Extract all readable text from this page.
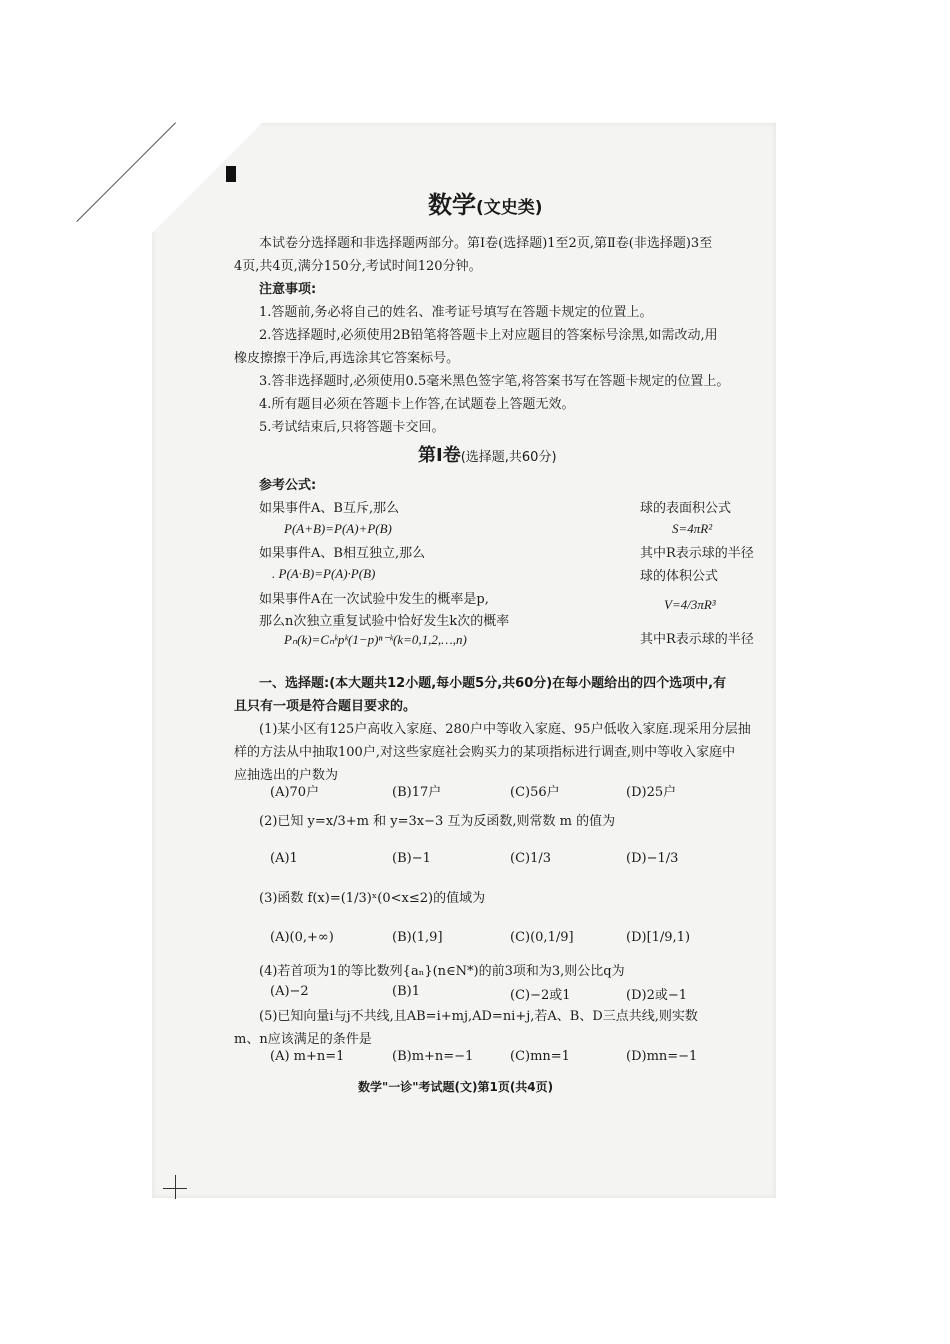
数学(文史类)
本试卷分选择题和非选择题两部分。第Ⅰ卷(选择题)1至2页,第Ⅱ卷(非选择题)3至
4页,共4页,满分150分,考试时间120分钟。
注意事项:
1.答题前,务必将自己的姓名、准考证号填写在答题卡规定的位置上。
2.答选择题时,必须使用2B铅笔将答题卡上对应题目的答案标号涂黑,如需改动,用
橡皮擦擦干净后,再选涂其它答案标号。
3.答非选择题时,必须使用0.5毫米黑色签字笔,将答案书写在答题卡规定的位置上。
4.所有题目必须在答题卡上作答,在试题卷上答题无效。
5.考试结束后,只将答题卡交回。
第Ⅰ卷(选择题,共60分)
参考公式:
如果事件A、B互斥,那么
P(A+B)=P(A)+P(B)
如果事件A、B相互独立,那么
. P(A·B)=P(A)·P(B)
如果事件A在一次试验中发生的概率是p,
那么n次独立重复试验中恰好发生k次的概率
Pₙ(k)=Cₙᵏpᵏ(1−p)ⁿ⁻ᵏ(k=0,1,2,…,n)
球的表面积公式
S=4πR²
其中R表示球的半径
球的体积公式
V=4/3πR³
其中R表示球的半径
一、选择题:(本大题共12小题,每小题5分,共60分)在每小题给出的四个选项中,有
且只有一项是符合题目要求的。
(1)某小区有125户高收入家庭、280户中等收入家庭、95户低收入家庭.现采用分层抽
样的方法从中抽取100户,对这些家庭社会购买力的某项指标进行调查,则中等收入家庭中
应抽选出的户数为
(A)70户	(B)17户	(C)56户	(D)25户
(2)已知 y=x/3+m 和 y=3x−3 互为反函数,则常数 m 的值为
(A)1	(B)−1	(C)1/3	(D)−1/3
(3)函数 f(x)=(1/3)ˣ(0<x≤2)的值域为
(A)(0,+∞)	(B)(1,9]	(C)(0,1/9]	(D)[1/9,1)
(4)若首项为1的等比数列{aₙ}(n∈N*)的前3项和为3,则公比q为
(A)−2	(B)1	(C)−2或1	(D)2或−1
(5)已知向量i与j不共线,且AB=i+mj,AD=ni+j,若A、B、D三点共线,则实数
m、n应该满足的条件是
(A) m+n=1	(B)m+n=−1	(C)mn=1	(D)mn=−1
数学"一诊"考试题(文)第1页(共4页)
